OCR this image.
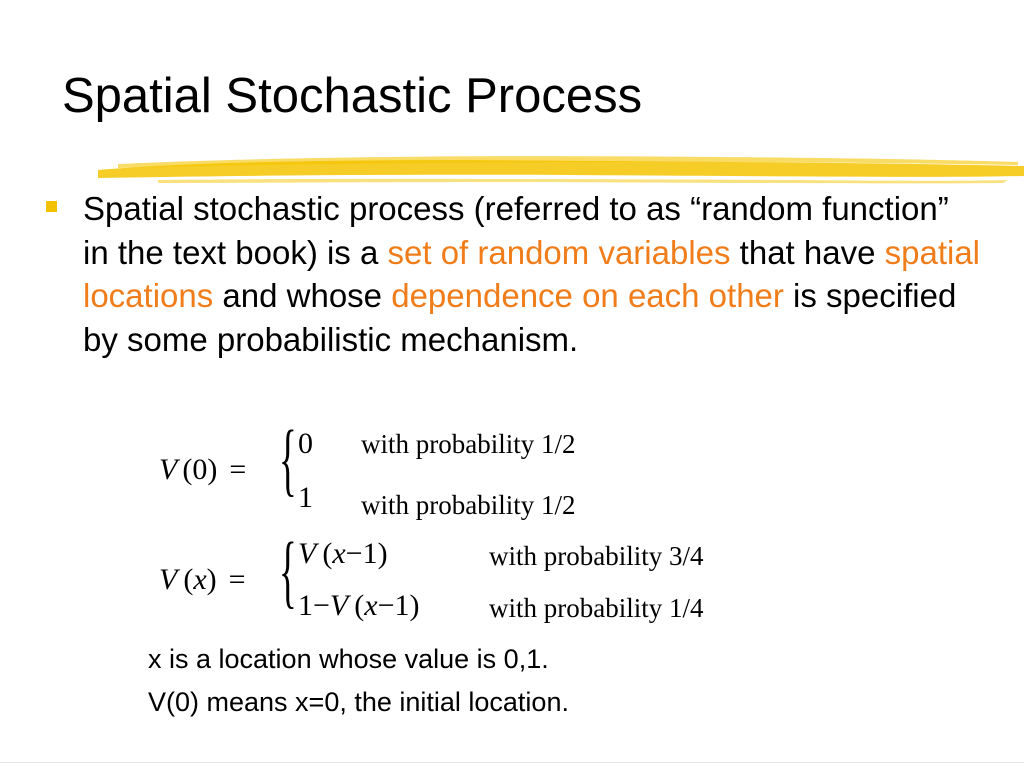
Spatial Stochastic Process
Spatial stochastic process (referred to as “random function” in the text book) is a set of random variables that have spatial locations and whose dependence on each other is specified by some probabilistic mechanism.
V (0) = { 0 with probability 1/2
1 with probability 1/2
V (x) = { V (x−1)	with probability 3/4
1−V (x−1)	with probability 1/4
x is a location whose value is 0,1.
V(0) means x=0, the initial location.
